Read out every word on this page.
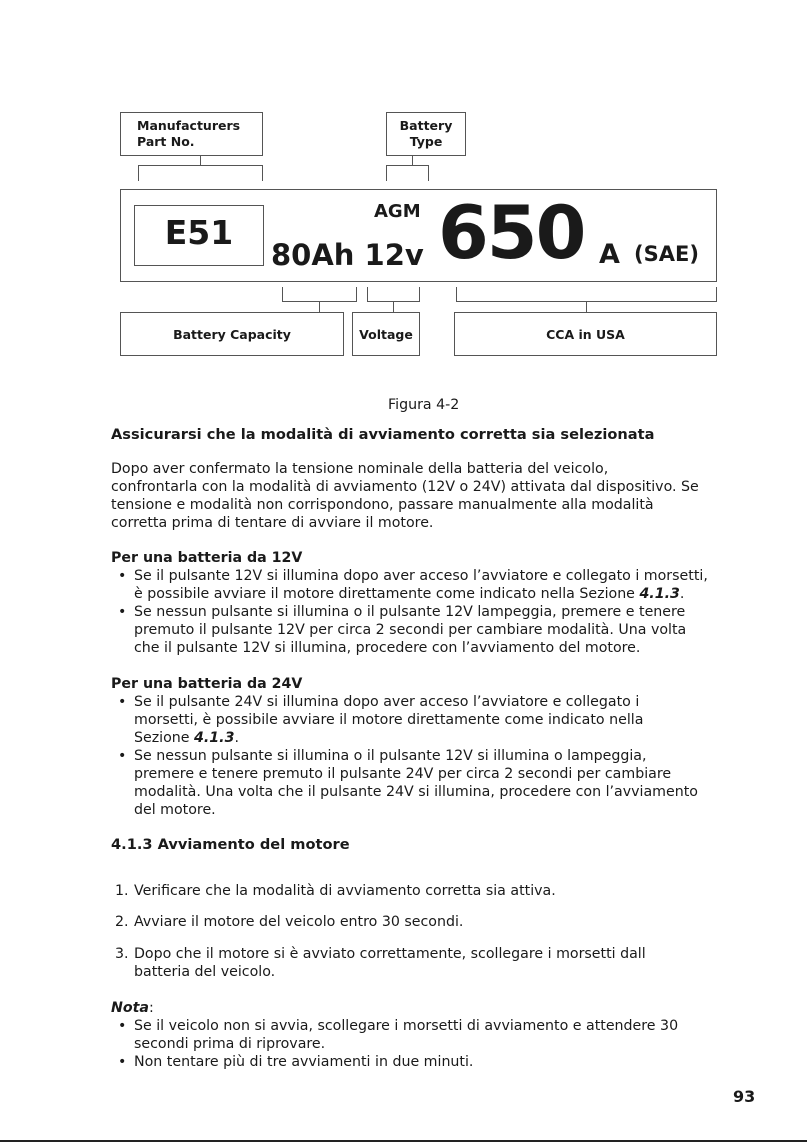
Manufacturers
Part No.
Battery
Type
E51
AGM
80Ah 12v 650 A (SAE)
Battery Capacity	Voltage	CCA in USA
Figura 4-2
Assicurarsi che la modalità di avviamento corretta sia selezionata
Dopo aver confermato la tensione nominale della batteria del veicolo,
confrontarla con la modalità di avviamento (12V o 24V) attivata dal dispositivo. Se
tensione e modalità non corrispondono, passare manualmente alla modalità
corretta prima di tentare di avviare il motore.
Per una batteria da 12V
• Se il pulsante 12V si illumina dopo aver acceso l’avviatore e collegato i morsetti,
è possibile avviare il motore direttamente come indicato nella Sezione 4.1.3.
• Se nessun pulsante si illumina o il pulsante 12V lampeggia, premere e tenere
premuto il pulsante 12V per circa 2 secondi per cambiare modalità. Una volta
che il pulsante 12V si illumina, procedere con l’avviamento del motore.
Per una batteria da 24V
• Se il pulsante 24V si illumina dopo aver acceso l’avviatore e collegato i
morsetti, è possibile avviare il motore direttamente come indicato nella
Sezione 4.1.3.
• Se nessun pulsante si illumina o il pulsante 12V si illumina o lampeggia,
premere e tenere premuto il pulsante 24V per circa 2 secondi per cambiare
modalità. Una volta che il pulsante 24V si illumina, procedere con l’avviamento
del motore.
4.1.3 Avviamento del motore
1. Verificare che la modalità di avviamento corretta sia attiva.
2. Avviare il motore del veicolo entro 30 secondi.
3. Dopo che il motore si è avviato correttamente, scollegare i morsetti dall
batteria del veicolo.
Nota:
• Se il veicolo non si avvia, scollegare i morsetti di avviamento e attendere 30
secondi prima di riprovare.
• Non tentare più di tre avviamenti in due minuti.
93
